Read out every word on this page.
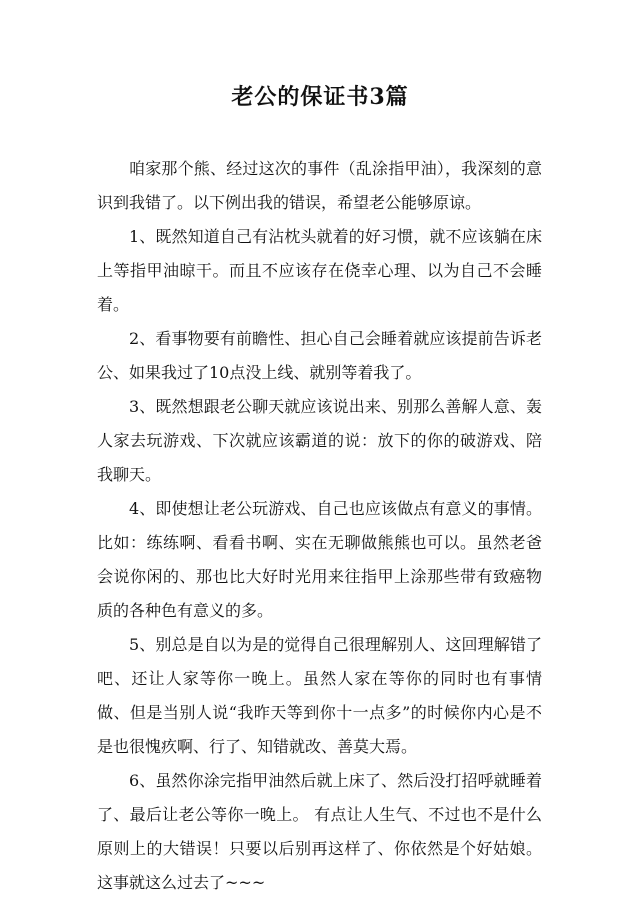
老公的保证书3篇

咱家那个熊、经过这次的事件（乱涂指甲油），我深刻的意识到我错了。以下例出我的错误，希望老公能够原谅。

1、既然知道自己有沾枕头就着的好习惯，就不应该躺在床上等指甲油晾干。而且不应该存在侥幸心理、以为自己不会睡着。

2、看事物要有前瞻性、担心自己会睡着就应该提前告诉老公、如果我过了10点没上线、就别等着我了。

3、既然想跟老公聊天就应该说出来、别那么善解人意、轰人家去玩游戏、下次就应该霸道的说：放下的你的破游戏、陪我聊天。

4、即使想让老公玩游戏、自己也应该做点有意义的事情。比如：练练啊、看看书啊、实在无聊做熊熊也可以。虽然老爸会说你闲的、那也比大好时光用来往指甲上涂那些带有致癌物质的各种色有意义的多。

5、别总是自以为是的觉得自己很理解别人、这回理解错了吧、还让人家等你一晚上。虽然人家在等你的同时也有事情做、但是当别人说“我昨天等到你十一点多”的时候你内心是不是也很愧疚啊、行了、知错就改、善莫大焉。

6、虽然你涂完指甲油然后就上床了、然后没打招呼就睡着了、最后让老公等你一晚上。 有点让人生气、不过也不是什么原则上的大错误！只要以后别再这样了、你依然是个好姑娘。这事就这么过去了~~~
